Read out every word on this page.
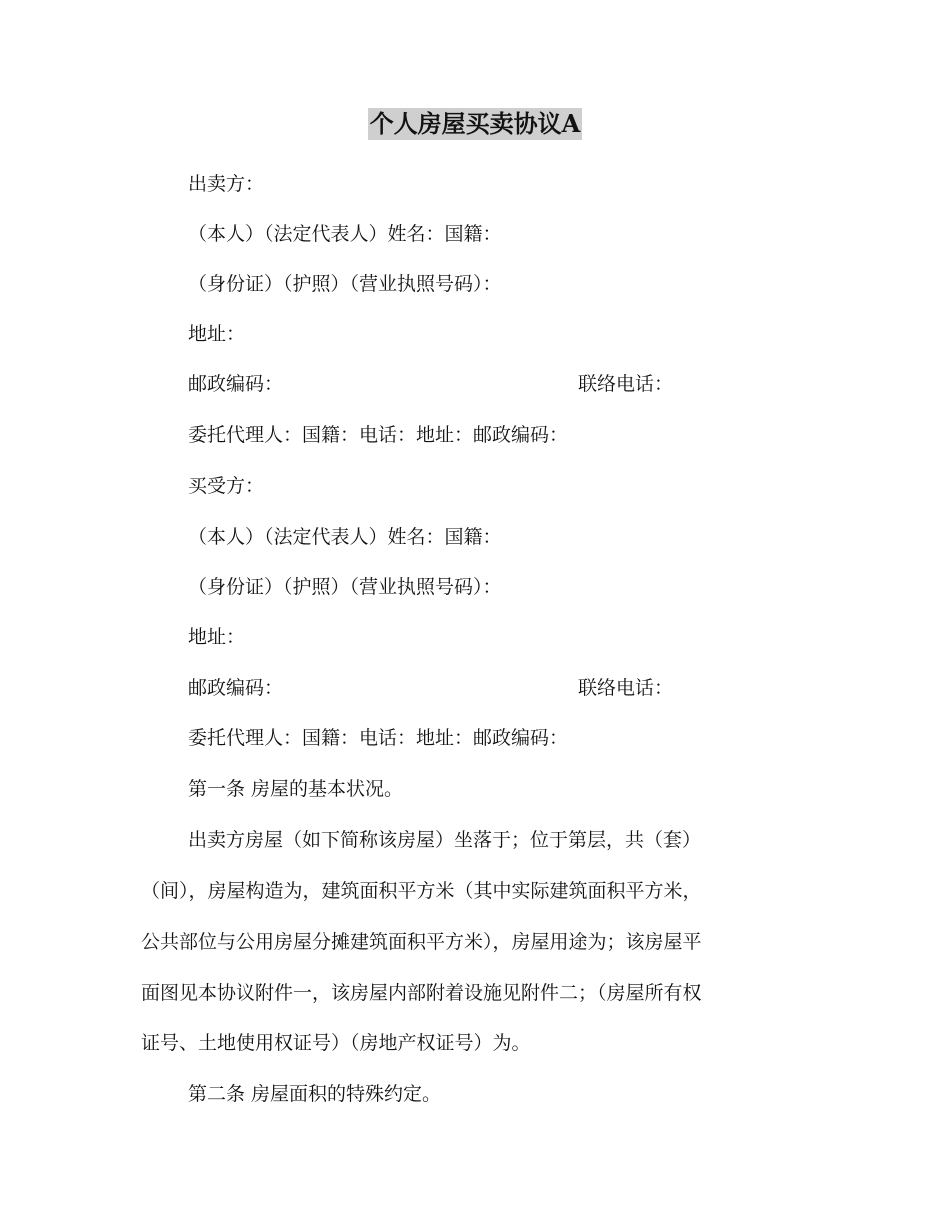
个人房屋买卖协议A
出卖方：
（本人）（法定代表人）姓名：国籍：
（身份证）（护照）（营业执照号码）：
地址：
邮政编码：	联络电话：
委托代理人：国籍：电话：地址：邮政编码：
买受方：
（本人）（法定代表人）姓名：国籍：
（身份证）（护照）（营业执照号码）：
地址：
邮政编码：	联络电话：
委托代理人：国籍：电话：地址：邮政编码：
第一条 房屋的基本状况。
出卖方房屋（如下简称该房屋）坐落于；位于第层，共（套）
（间），房屋构造为，建筑面积平方米（其中实际建筑面积平方米，
公共部位与公用房屋分摊建筑面积平方米），房屋用途为；该房屋平
面图见本协议附件一，该房屋内部附着设施见附件二；（房屋所有权
证号、土地使用权证号）（房地产权证号）为。
第二条 房屋面积的特殊约定。
